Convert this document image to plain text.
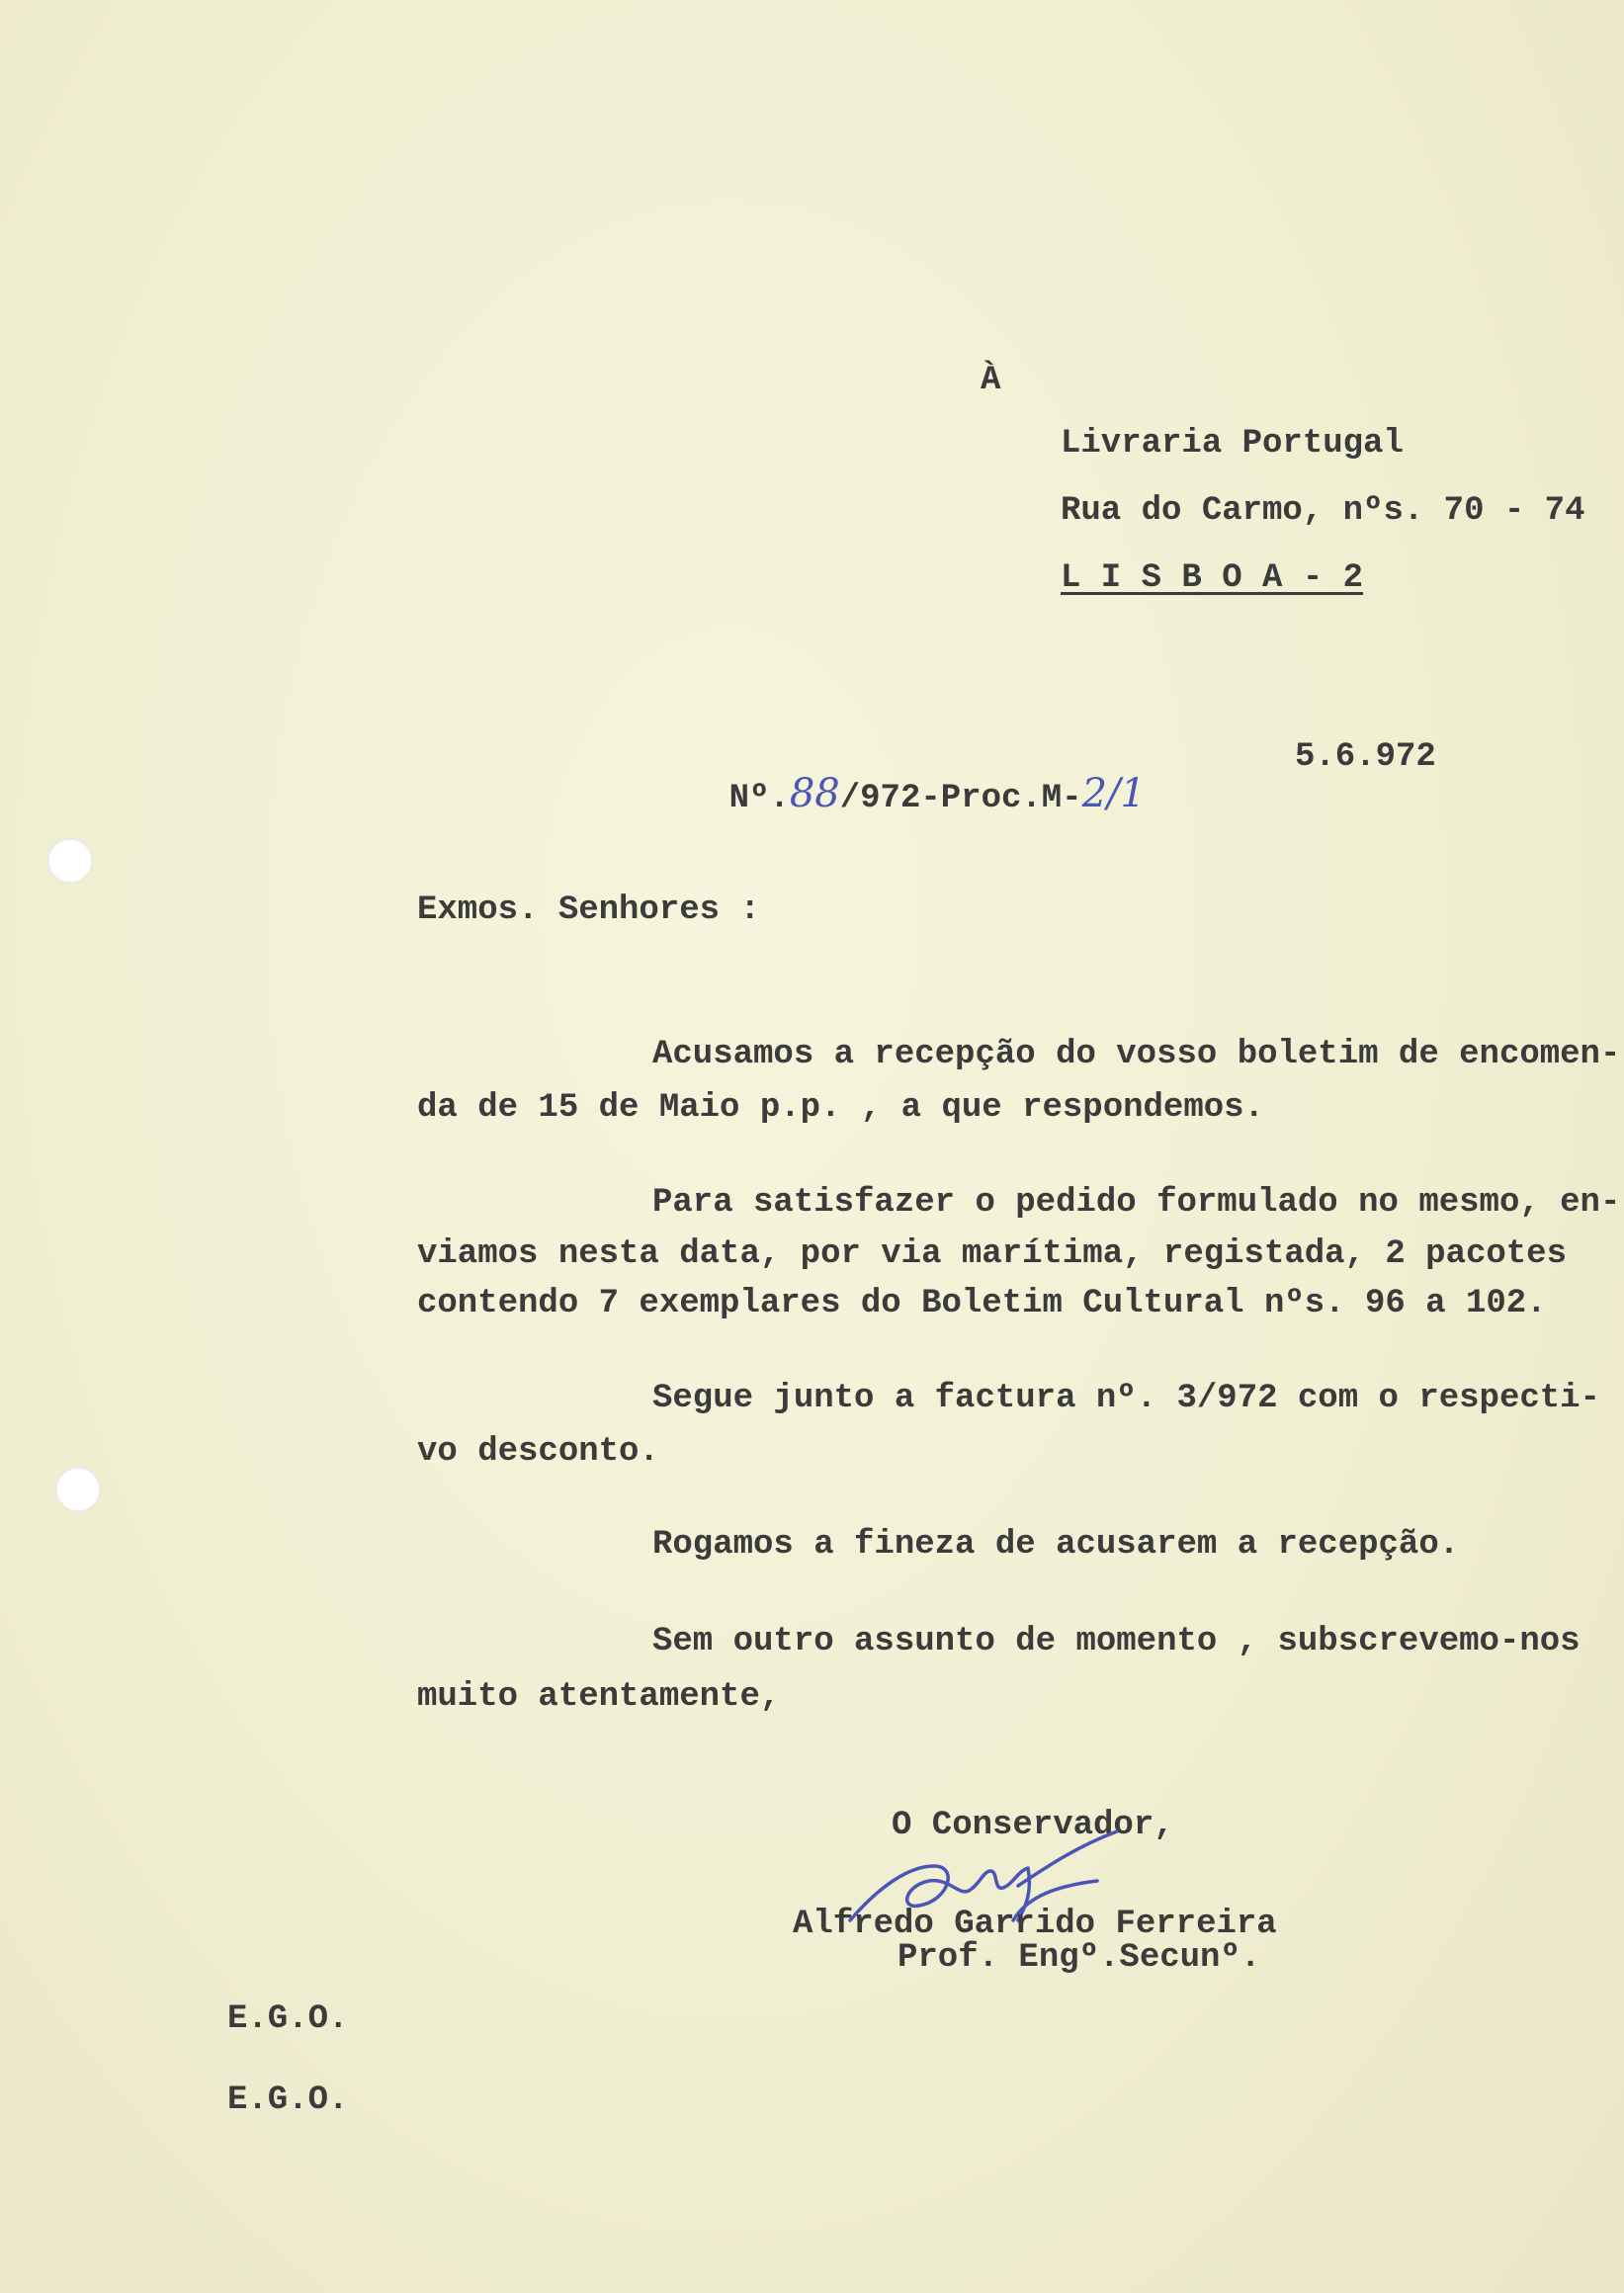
À
Livraria Portugal
Rua do Carmo, nºs. 70 - 74
L I S B O A - 2

Nº.88/972-Proc.M-2/1

5.6.972
Exmos. Senhores :
Acusamos a recepção do vosso boletim de encomen-
da de 15 de Maio p.p. , a que respondemos.
Para satisfazer o pedido formulado no mesmo, en-
viamos nesta data, por via marítima, registada, 2 pacotes
contendo 7 exemplares do Boletim Cultural nºs. 96 a 102.
Segue junto a factura nº. 3/972 com o respecti-
vo desconto.
Rogamos a fineza de acusarem a recepção.
Sem outro assunto de momento , subscrevemo-nos
muito atentamente,
O Conservador,
Alfredo Garrido Ferreira
Prof. Engº.Secunº.
E.G.O.
E.G.O.
